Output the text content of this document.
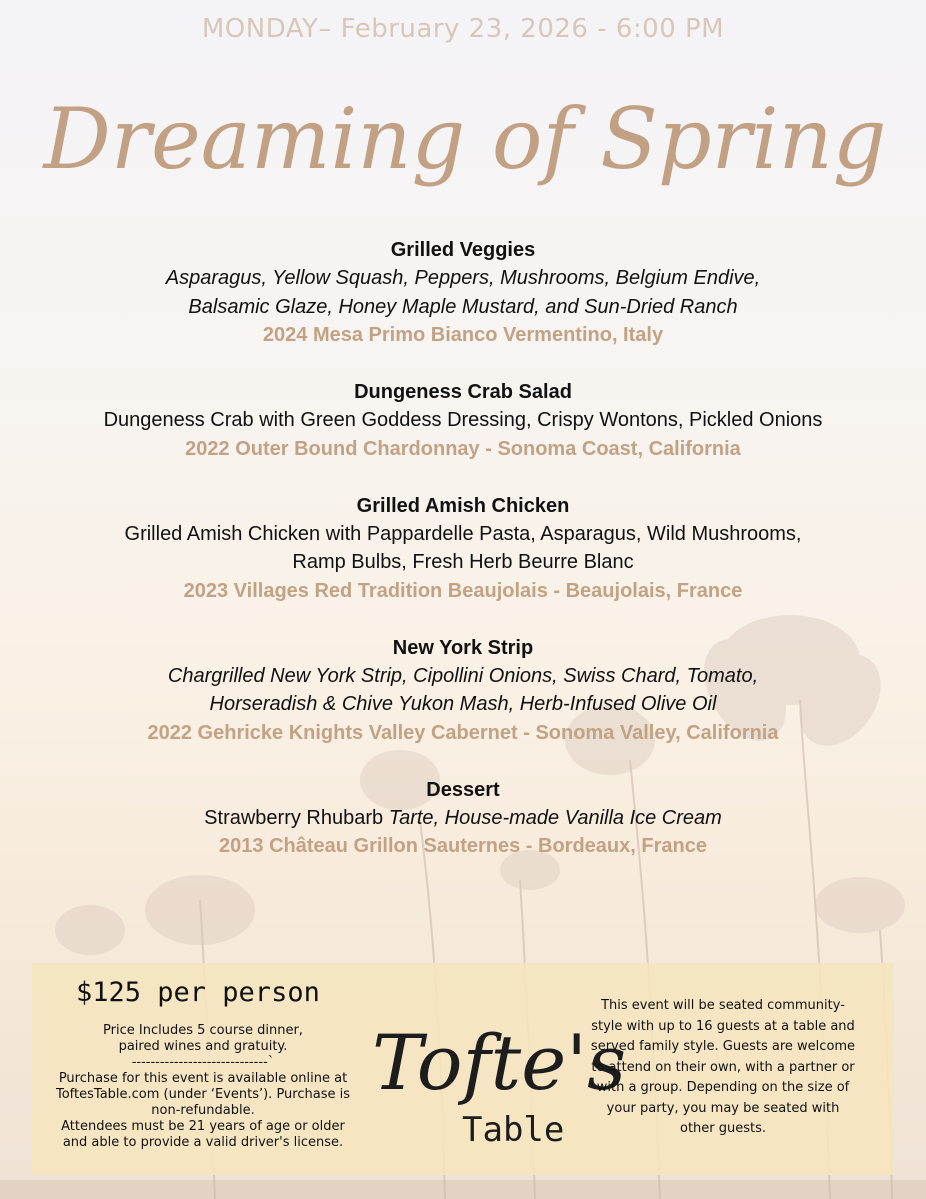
MONDAY– February 23, 2026 - 6:00 PM
Dreaming of Spring
Grilled Veggies
Asparagus, Yellow Squash, Peppers, Mushrooms, Belgium Endive,
Balsamic Glaze, Honey Maple Mustard, and Sun-Dried Ranch
2024 Mesa Primo Bianco Vermentino, Italy
Dungeness Crab Salad
Dungeness Crab with Green Goddess Dressing, Crispy Wontons, Pickled Onions
2022 Outer Bound Chardonnay - Sonoma Coast, California
Grilled Amish Chicken
Grilled Amish Chicken with Pappardelle Pasta, Asparagus, Wild Mushrooms,
Ramp Bulbs, Fresh Herb Beurre Blanc
2023 Villages Red Tradition Beaujolais - Beaujolais, France
New York Strip
Chargrilled New York Strip, Cipollini Onions, Swiss Chard, Tomato,
Horseradish & Chive Yukon Mash, Herb-Infused Olive Oil
2022 Gehricke Knights Valley Cabernet - Sonoma Valley, California
Dessert
Strawberry Rhubarb Tarte, House-made Vanilla Ice Cream
2013 Château Grillon Sauternes - Bordeaux, France
$125 per person

Price Includes 5 course dinner,

paired wines and gratuity.

-----------------------------`

Purchase for this event is available online at

ToftesTable.com (under ‘Events’). Purchase is

non-refundable.

Attendees must be 21 years of age or older

and able to provide a valid driver's license.

Tofte's
Table
This event will be seated community-
style with up to 16 guests at a table and
served family style. Guests are welcome
to attend on their own, with a partner or
with a group. Depending on the size of
your party, you may be seated with
other guests.
